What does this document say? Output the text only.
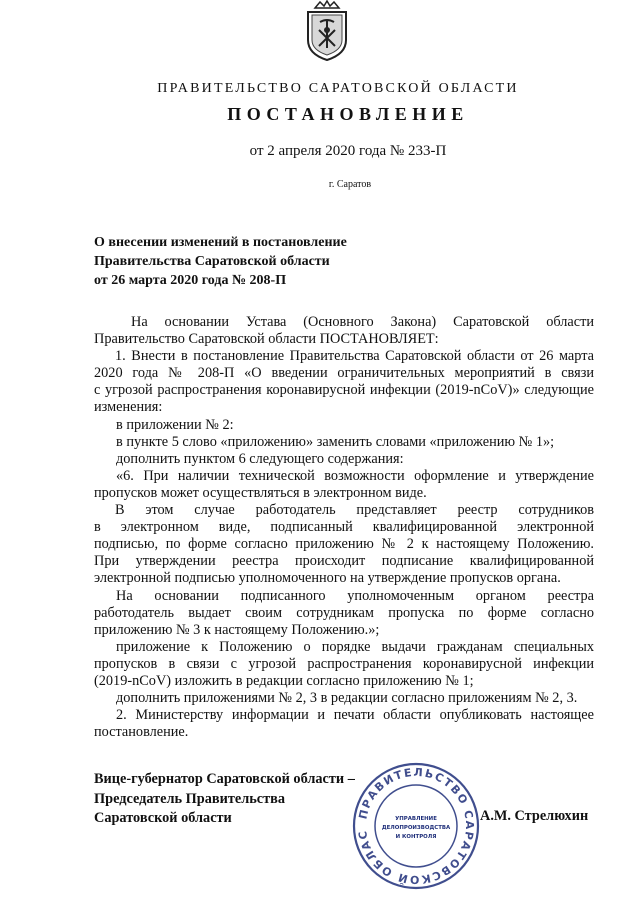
ПРАВИТЕЛЬСТВО САРАТОВСКОЙ ОБЛАСТИ
ПОСТАНОВЛЕНИЕ
от 2 апреля 2020 года № 233-П
г. Саратов
О внесении изменений в постановление
Правительства Саратовской области
от 26 марта 2020 года № 208-П
На основании Устава (Основного Закона) Саратовской области
Правительство Саратовской области ПОСТАНОВЛЯЕТ:
1. Внести в постановление Правительства Саратовской области от 26 марта
2020 года № 208-П «О введении ограничительных мероприятий в связи
с угрозой распространения коронавирусной инфекции (2019-nCoV)» следующие
изменения:
в приложении № 2:
в пункте 5 слово «приложению» заменить словами «приложению № 1»;
дополнить пунктом 6 следующего содержания:
«6. При наличии технической возможности оформление и утверждение
пропусков может осуществляться в электронном виде.
В этом случае работодатель представляет реестр сотрудников
в электронном виде, подписанный квалифицированной электронной
подписью, по форме согласно приложению № 2 к настоящему Положению.
При утверждении реестра происходит подписание квалифицированной
электронной подписью уполномоченного на утверждение пропусков органа.
На основании подписанного уполномоченным органом реестра
работодатель выдает своим сотрудникам пропуска по форме согласно
приложению № 3 к настоящему Положению.»;
приложение к Положению о порядке выдачи гражданам специальных
пропусков в связи с угрозой распространения коронавирусной инфекции
(2019-nCoV) изложить в редакции согласно приложению № 1;
дополнить приложениями № 2, 3 в редакции согласно приложениям № 2, 3.
2. Министерству информации и печати области опубликовать настоящее
постановление.
Вице-губернатор Саратовской области –
Председатель Правительства
Саратовской области	А.М. Стрелюхин
ПРАВИТЕЛЬСТВО САРАТОВСКОЙ ОБЛАС
УПРАВЛЕНИЕ
ДЕЛОПРОИЗВОДСТВА
И КОНТРОЛЯ
